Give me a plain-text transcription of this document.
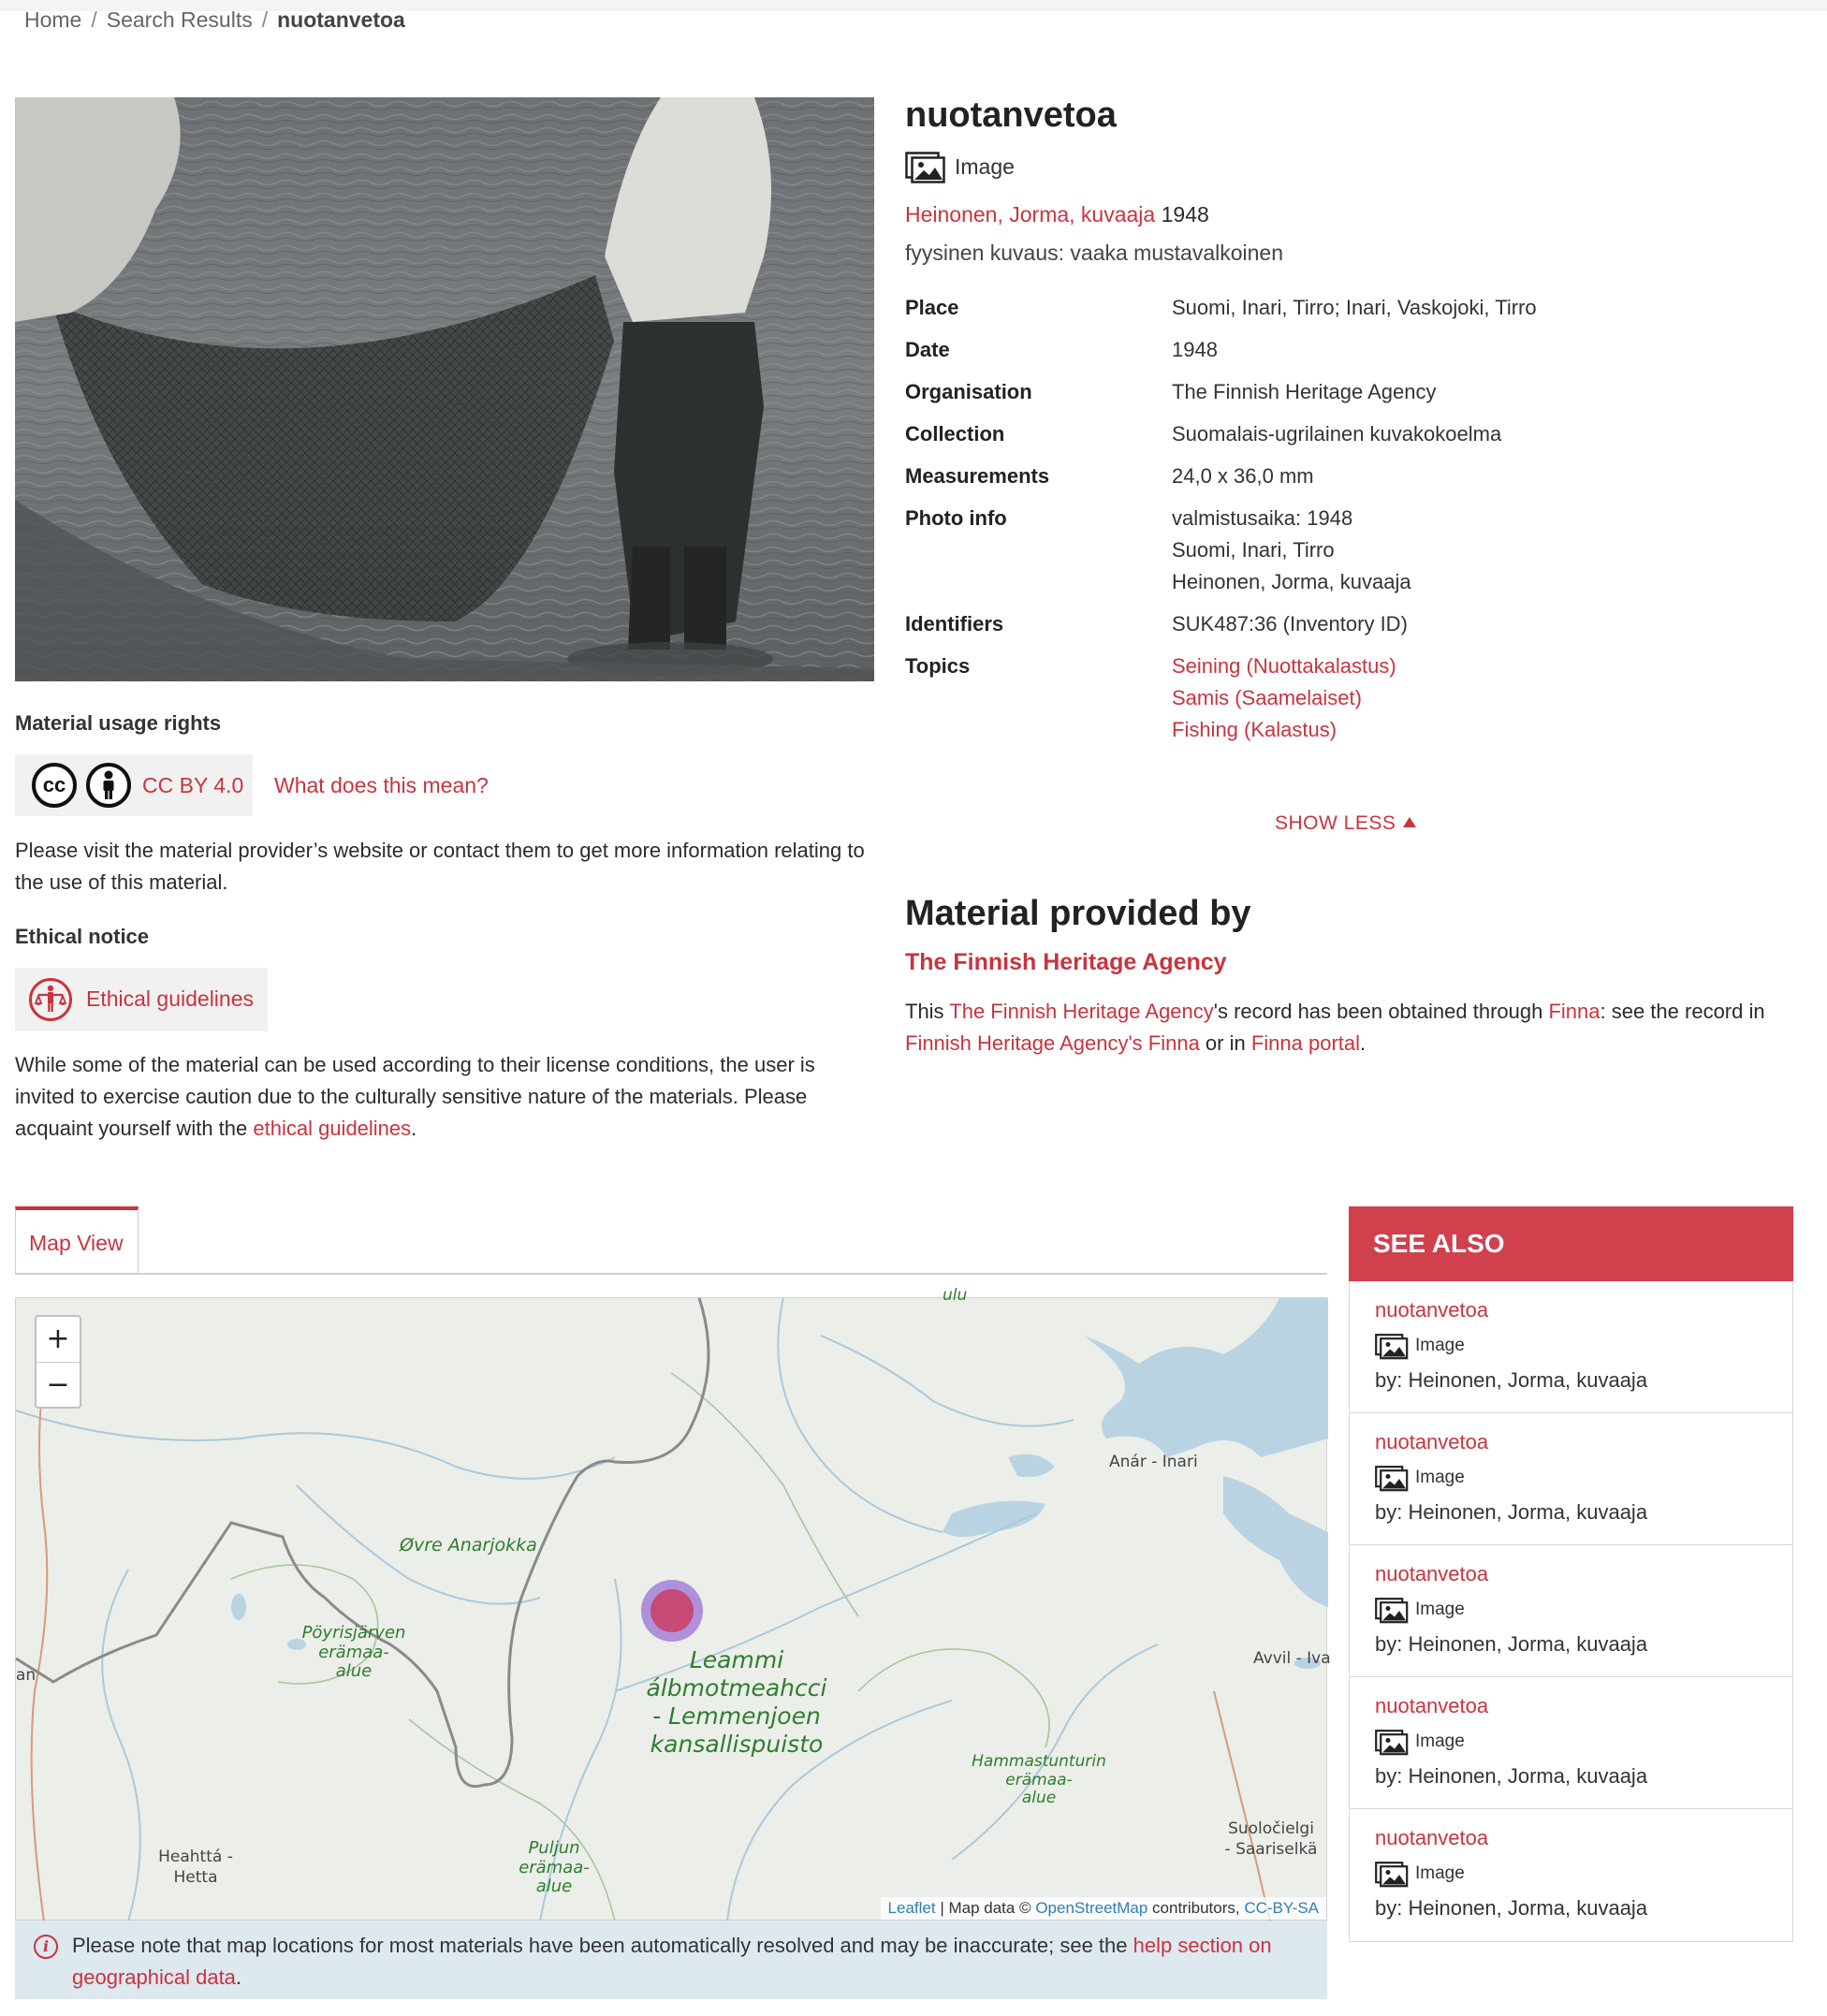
Home / Search Results / nuotanvetoa
Material usage rights
cc	CC BY 4.0 What does this mean?
Please visit the material provider’s website or contact them to get more information relating to the use of this material.
Ethical notice
Ethical guidelines
While some of the material can be used according to their license conditions, the user is invited to exercise caution due to the culturally sensitive nature of the materials. Please acquaint yourself with the ethical guidelines.
nuotanvetoa
Image
Heinonen, Jorma, kuvaaja 1948
fyysinen kuvaus: vaaka mustavalkoinen
Place	Suomi, Inari, Tirro; Inari, Vaskojoki, Tirro
Date	1948
Organisation	The Finnish Heritage Agency
Collection	Suomalais-ugrilainen kuvakokoelma
Measurements	24,0 x 36,0 mm
Photo info	valmistusaika: 1948
Suomi, Inari, Tirro
Heinonen, Jorma, kuvaaja
Identifiers	SUK487:36 (Inventory ID)
Topics	Seining (Nuottakalastus)
Samis (Saamelaiset)
Fishing (Kalastus)
SHOW LESS
Material provided by
The Finnish Heritage Agency
This The Finnish Heritage Agency's record has been obtained through Finna: see the record in Finnish Heritage Agency's Finna or in Finna portal.
Map View
Øvre Anarjokka
Pöyrisjärven
erämaa-
alue	Leammi
álbmotmeahcci
- Lemmenjoen
kansallispuisto
Hammastunturin
erämaa-
alue
Puljun
erämaa-
alue
Anár - Inari
Avvil - Iva
Suoločielgi
- Saariselkä
Heahttá -
Hetta
an
ulu
+
−
Leaflet | Map data © OpenStreetMap contributors, CC-BY-SA
i	Please note that map locations for most materials have been automatically resolved and may be inaccurate; see the help section on geographical data.
SEE ALSO
nuotanvetoa
Image
by: Heinonen, Jorma, kuvaaja
nuotanvetoa
Image
by: Heinonen, Jorma, kuvaaja
nuotanvetoa
Image
by: Heinonen, Jorma, kuvaaja
nuotanvetoa
Image
by: Heinonen, Jorma, kuvaaja
nuotanvetoa
Image
by: Heinonen, Jorma, kuvaaja
